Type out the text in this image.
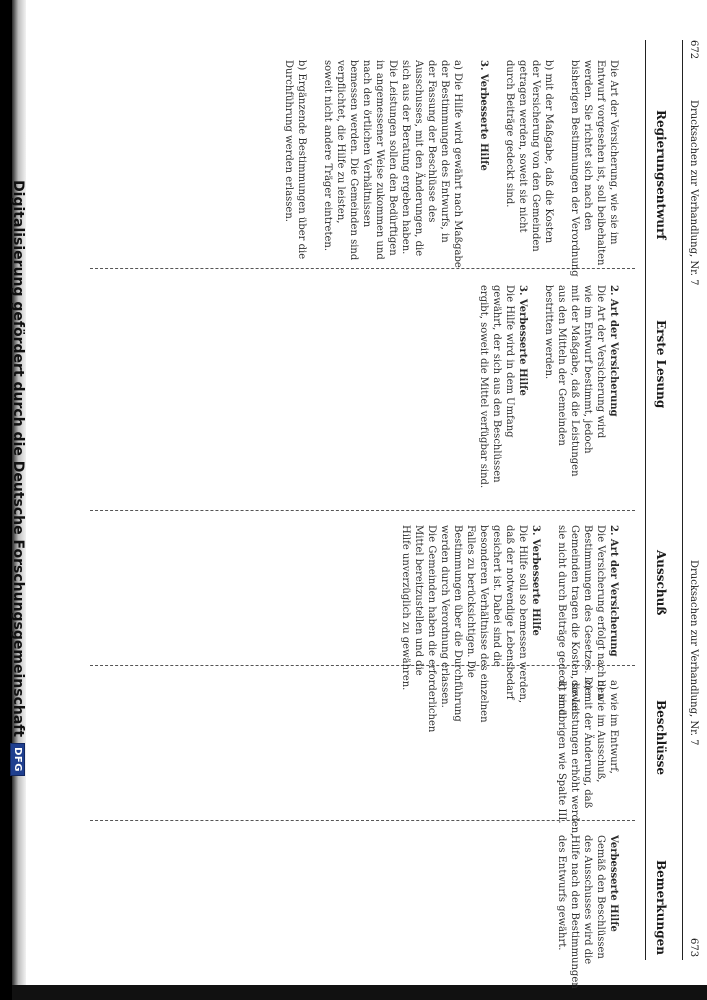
Digitalisierung gefördert durch die Deutsche Forschungsgemeinschaft
DFG
672
Drucksachen zur Verhandlung, Nr. 7
Drucksachen zur Verhandlung, Nr. 7
673
Regierungsentwurf
Erste Lesung
Ausschuß
Beschlüsse
Bemerkungen

Die Art der Versicherung, wie sie im

Entwurf vorgesehen ist, soll beibehalten

werden. Sie richtet sich nach den

bisherigen Bestimmungen der Verordnung

b) mit der Maßgabe, daß die Kosten

der Versicherung von den Gemeinden

getragen werden, soweit sie nicht

durch Beiträge gedeckt sind.

3. Verbesserte Hilfe

a) Die Hilfe wird gewährt nach Maßgabe

der Bestimmungen des Entwurfs, in

der Fassung der Beschlüsse des

Ausschusses, mit den Änderungen, die

sich aus der Beratung ergeben haben.

Die Leistungen sollen den Bedürftigen

in angemessener Weise zukommen und

nach den örtlichen Verhältnissen

bemessen werden. Die Gemeinden sind

verpflichtet, die Hilfe zu leisten,

soweit nicht andere Träger eintreten.

b) Ergänzende Bestimmungen über die

Durchführung werden erlassen.

2. Art der Versicherung

Die Art der Versicherung wird

wie im Entwurf bestimmt, jedoch

mit der Maßgabe, daß die Leistungen

aus den Mitteln der Gemeinden

bestritten werden.

3. Verbesserte Hilfe

Die Hilfe wird in dem Umfang

gewährt, der sich aus den Beschlüssen

ergibt, soweit die Mittel verfügbar sind.

2. Art der Versicherung

Die Versicherung erfolgt nach den

Bestimmungen des Gesetzes. Die

Gemeinden tragen die Kosten, soweit

sie nicht durch Beiträge gedeckt sind.

3. Verbesserte Hilfe

Die Hilfe soll so bemessen werden,

daß der notwendige Lebensbedarf

gesichert ist. Dabei sind die

besonderen Verhältnisse des einzelnen

Falles zu berücksichtigen. Die

Bestimmungen über die Durchführung

werden durch Verordnung erlassen.

Die Gemeinden haben die erforderlichen

Mittel bereitzustellen und die

Hilfe unverzüglich zu gewähren.

a) wie im Entwurf,

b) wie im Ausschuß,

c) mit der Änderung, daß

die Leistungen erhöht werden,

d) im übrigen wie Spalte III.

Verbesserte Hilfe

Gemäß den Beschlüssen

des Ausschusses wird die

Hilfe nach den Bestimmungen

des Entwurfs gewährt.
